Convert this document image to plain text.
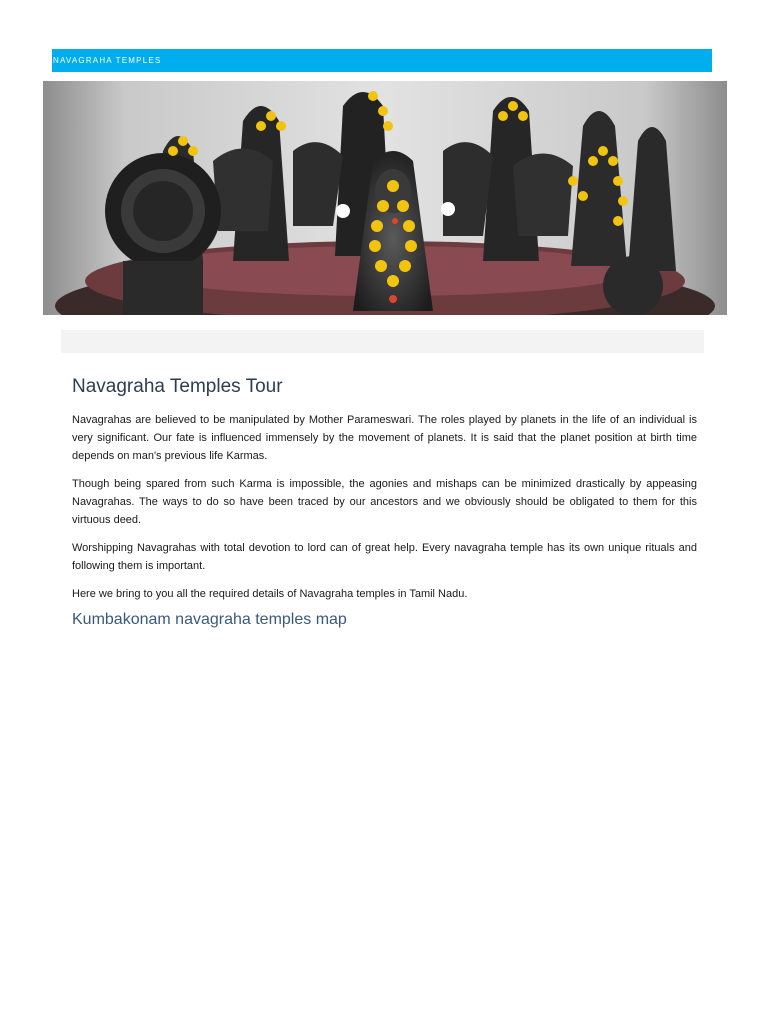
NAVAGRAHA TEMPLES
Navagraha Temples Tour

Navagrahas are believed to be manipulated by Mother Parameswari. The roles played by planets in the life of an individual is very significant. Our fate is influenced immensely by the movement of planets. It is said that the planet position at birth time depends on man's previous life Karmas.

Though being spared from such Karma is impossible, the agonies and mishaps can be minimized drastically by appeasing Navagrahas. The ways to do so have been traced by our ancestors and we obviously should be obligated to them for this virtuous deed.

Worshipping Navagrahas with total devotion to lord can of great help. Every navagraha temple has its own unique rituals and following them is important.

Here we bring to you all the required details of Navagraha temples in Tamil Nadu.

Kumbakonam navagraha temples map
